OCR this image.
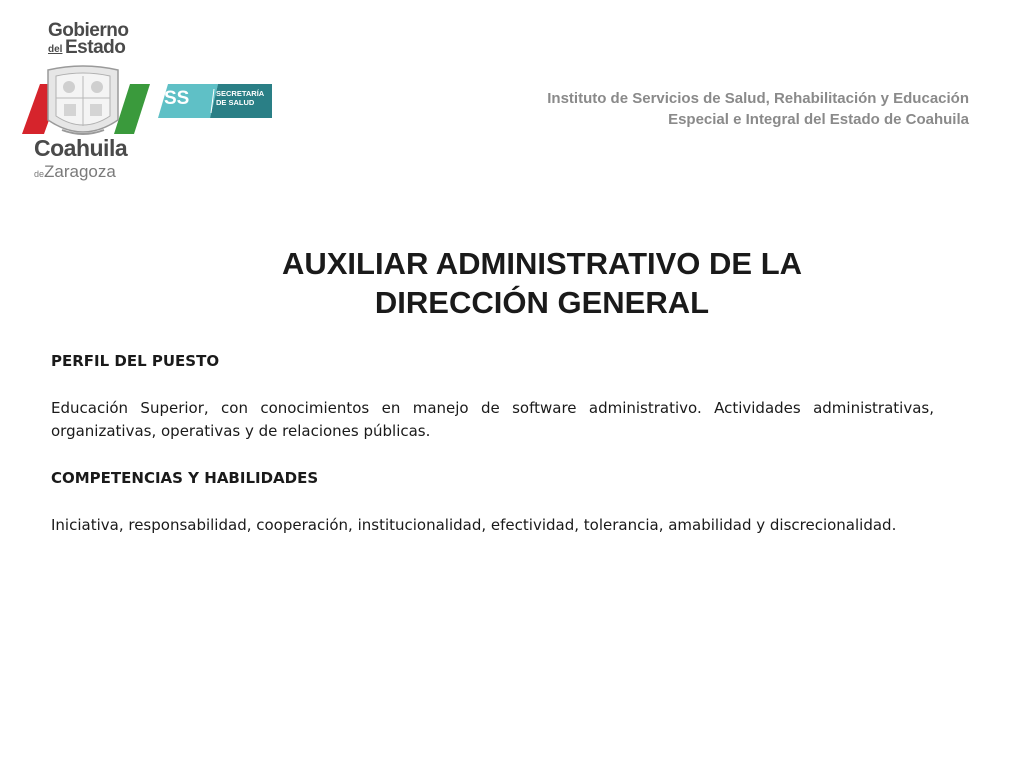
Gobierno
del Estado
SS	SECRETARÍA
DE SALUD
Coahuila
deZaragoza
Instituto de Servicios de Salud, Rehabilitación y Educación
Especial e Integral del Estado de Coahuila
AUXILIAR ADMINISTRATIVO DE LA
DIRECCIÓN GENERAL

PERFIL DEL PUESTO

Educación Superior, con conocimientos en manejo de software administrativo. Actividades administrativas, organizativas, operativas y de relaciones públicas.

COMPETENCIAS Y HABILIDADES

Iniciativa, responsabilidad, cooperación, institucionalidad, efectividad, tolerancia, amabilidad y discrecionalidad.
